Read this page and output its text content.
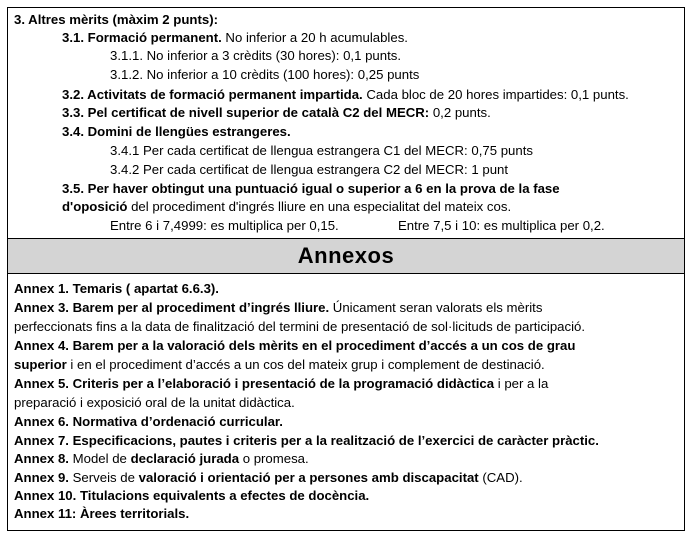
3. Altres mèrits (màxim 2 punts):
3.1. Formació permanent. No inferior a 20 h acumulables.
3.1.1. No inferior a 3 crèdits (30 hores): 0,1 punts.
3.1.2. No inferior a 10 crèdits (100 hores): 0,25 punts
3.2. Activitats de formació permanent impartida. Cada bloc de 20 hores impartides: 0,1 punts.
3.3. Pel certificat de nivell superior de català C2 del MECR: 0,2 punts.
3.4. Domini de llengües estrangeres.
3.4.1 Per cada certificat de llengua estrangera C1 del MECR: 0,75 punts
3.4.2 Per cada certificat de llengua estrangera C2 del MECR: 1 punt
3.5. Per haver obtingut una puntuació igual o superior a 6 en la prova de la fase
d'oposició del procediment d'ingrés lliure en una especialitat del mateix cos.
Entre 6 i 7,4999: es multiplica per 0,15.	Entre 7,5 i 10: es multiplica per 0,2.
Annexos
Annex 1. Temaris ( apartat 6.6.3).
Annex 3. Barem per al procediment d’ingrés lliure. Únicament seran valorats els mèrits
perfeccionats fins a la data de finalització del termini de presentació de sol·licituds de participació.
Annex 4. Barem per a la valoració dels mèrits en el procediment d’accés a un cos de grau
superior i en el procediment d’accés a un cos del mateix grup i complement de destinació.
Annex 5. Criteris per a l’elaboració i presentació de la programació didàctica i per a la
preparació i exposició oral de la unitat didàctica.
Annex 6. Normativa d’ordenació curricular.
Annex 7. Especificacions, pautes i criteris per a la realització de l’exercici de caràcter pràctic.
Annex 8. Model de declaració jurada o promesa.
Annex 9. Serveis de valoració i orientació per a persones amb discapacitat (CAD).
Annex 10. Titulacions equivalents a efectes de docència.
Annex 11: Àrees territorials.
